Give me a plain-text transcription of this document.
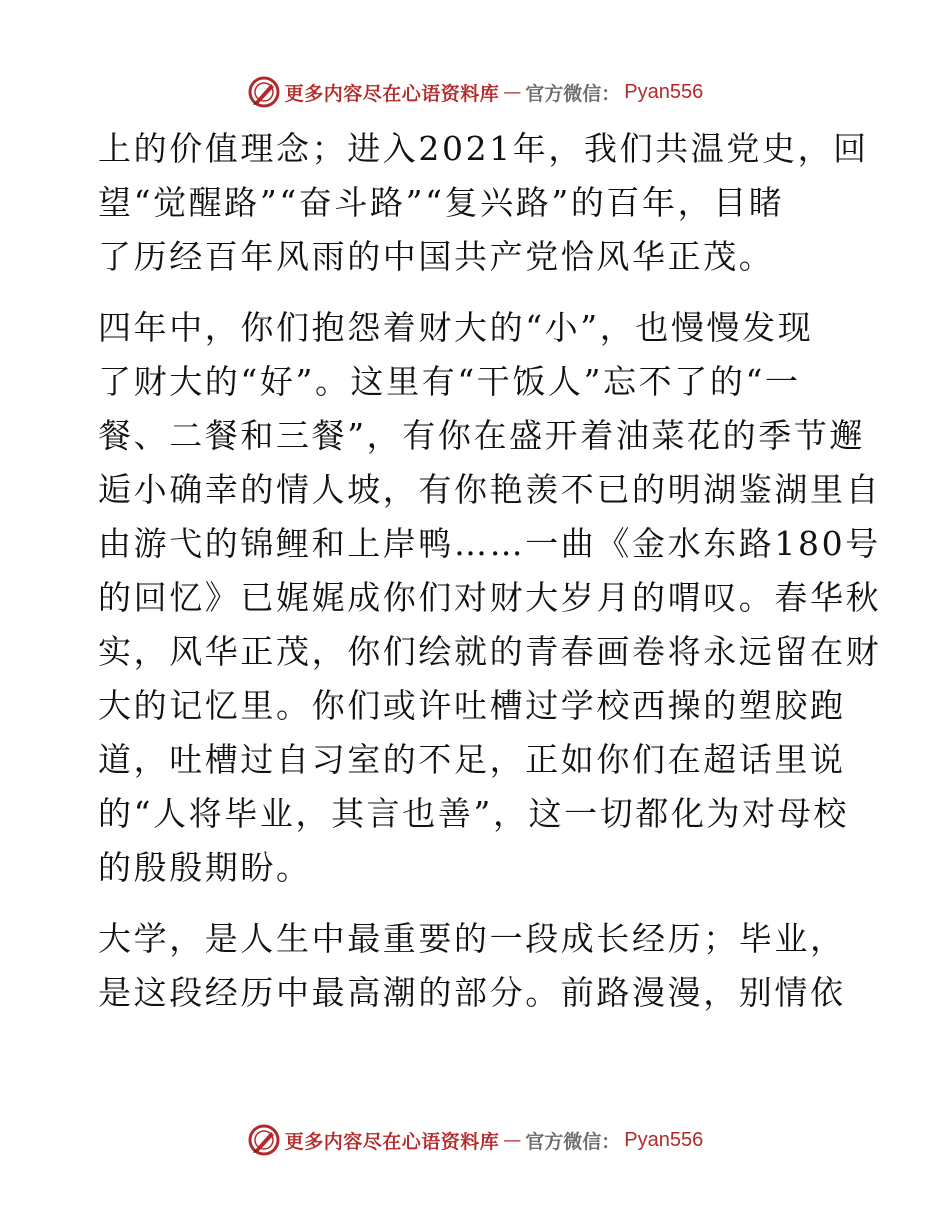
更多内容尽在心语资料库 — 官方微信： Pyan556
上的价值理念；进入2021年，我们共温党史，回
望“觉醒路”“奋斗路”“复兴路”的百年，目睹
了历经百年风雨的中国共产党恰风华正茂。
四年中，你们抱怨着财大的“小”，也慢慢发现
了财大的“好”。这里有“干饭人”忘不了的“一
餐、二餐和三餐”，有你在盛开着油菜花的季节邂
逅小确幸的情人坡，有你艳羡不已的明湖鉴湖里自
由游弋的锦鲤和上岸鸭……一曲《金水东路180号
的回忆》已娓娓成你们对财大岁月的喟叹。春华秋
实，风华正茂，你们绘就的青春画卷将永远留在财
大的记忆里。你们或许吐槽过学校西操的塑胶跑
道，吐槽过自习室的不足，正如你们在超话里说
的“人将毕业，其言也善”，这一切都化为对母校
的殷殷期盼。
大学，是人生中最重要的一段成长经历；毕业，
是这段经历中最高潮的部分。前路漫漫，别情依
更多内容尽在心语资料库 — 官方微信： Pyan556
